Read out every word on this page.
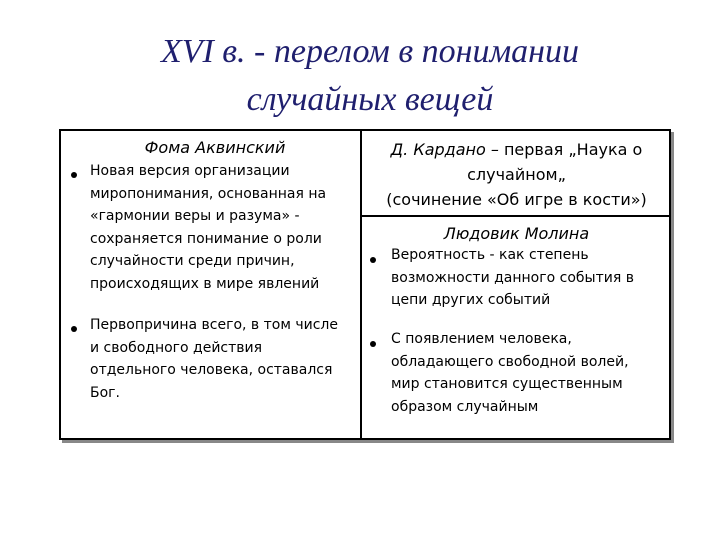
XVI в. - перелом в понимании
случайных вещей
Фома Аквинский
Новая версия организации
миропонимания, основанная на
«гармонии веры и разума» -
сохраняется понимание о роли
случайности среди причин,
происходящих в мире явлений
Первопричина всего, в том числе
и свободного действия
отдельного человека, оставался
Бог.
Д. Кардано – первая „Наука о
случайном„
(сочинение «Об игре в кости»)
Людовик Молина
Вероятность - как степень
возможности данного события в
цепи других событий
С появлением человека,
обладающего свободной волей,
мир становится существенным
образом случайным
